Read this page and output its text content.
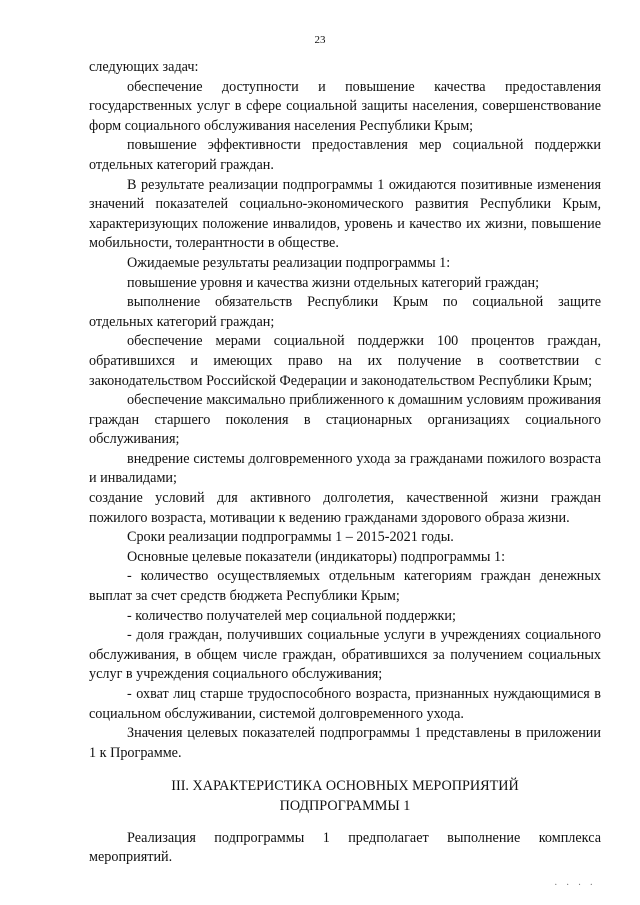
23

следующих задач:

обеспечение доступности и повышение качества предоставления государственных услуг в сфере социальной защиты населения, совершенствование форм социального обслуживания населения Республики Крым;

повышение эффективности предоставления мер социальной поддержки отдельных категорий граждан.

В результате реализации подпрограммы 1 ожидаются позитивные изменения значений показателей социально-экономического развития Республики Крым, характеризующих положение инвалидов, уровень и качество их жизни, повышение мобильности, толерантности в обществе.

Ожидаемые результаты реализации подпрограммы 1:

повышение уровня и качества жизни отдельных категорий граждан;

выполнение обязательств Республики Крым по социальной защите отдельных категорий граждан;

обеспечение мерами социальной поддержки 100 процентов граждан, обратившихся и имеющих право на их получение в соответствии с законодательством Российской Федерации и законодательством Республики Крым;

обеспечение максимально приближенного к домашним условиям проживания граждан старшего поколения в стационарных организациях социального обслуживания;

внедрение системы долговременного ухода за гражданами пожилого возраста и инвалидами;

создание условий для активного долголетия, качественной жизни граждан пожилого возраста, мотивации к ведению гражданами здорового образа жизни.

Сроки реализации подпрограммы 1 – 2015-2021 годы.

Основные целевые показатели (индикаторы) подпрограммы 1:

- количество осуществляемых отдельным категориям граждан денежных выплат за счет средств бюджета Республики Крым;

- количество получателей мер социальной поддержки;

- доля граждан, получивших социальные услуги в учреждениях социального обслуживания, в общем числе граждан, обратившихся за получением социальных услуг в учреждения социального обслуживания;

- охват лиц старше трудоспособного возраста, признанных нуждающимися в социальном обслуживании, системой долговременного ухода.

Значения целевых показателей подпрограммы 1 представлены в приложении 1 к Программе.

III. ХАРАКТЕРИСТИКА ОСНОВНЫХ МЕРОПРИЯТИЙ
ПОДПРОГРАММЫ 1

Реализация подпрограммы 1 предполагает выполнение комплекса мероприятий.

· · · ·
